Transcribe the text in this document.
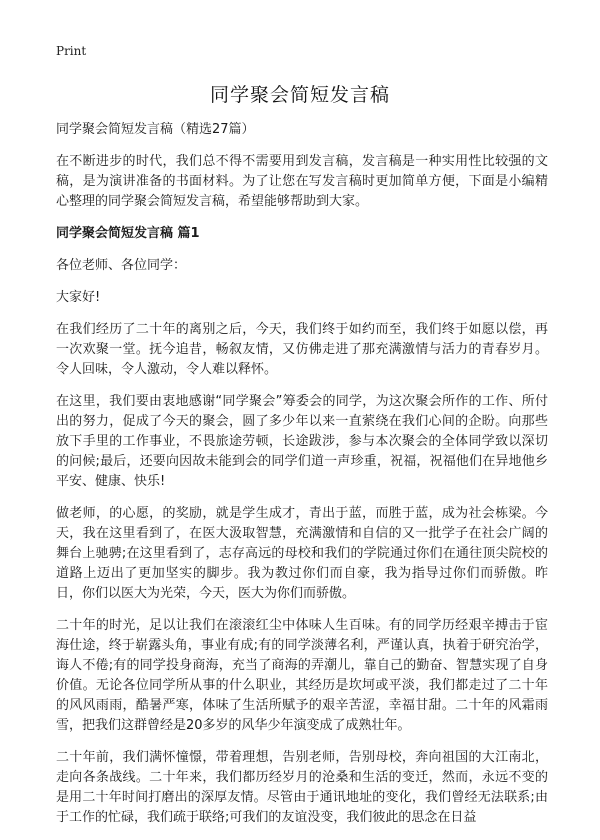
Print
同学聚会简短发言稿

同学聚会简短发言稿（精选27篇）

在不断进步的时代，我们总不得不需要用到发言稿，发言稿是一种实用性比较强的文稿，是为演讲准备的书面材料。为了让您在写发言稿时更加简单方便，下面是小编精心整理的同学聚会简短发言稿，希望能够帮助到大家。

同学聚会简短发言稿 篇1

各位老师、各位同学：

大家好!

在我们经历了二十年的离别之后，今天，我们终于如约而至，我们终于如愿以偿，再一次欢聚一堂。抚今追昔，畅叙友情，又仿佛走进了那充满激情与活力的青春岁月。令人回味，令人激动，令人难以释怀。

在这里，我们要由衷地感谢“同学聚会”筹委会的同学，为这次聚会所作的工作、所付出的努力，促成了今天的聚会，圆了多少年以来一直萦绕在我们心间的企盼。向那些放下手里的工作事业，不畏旅途劳顿，长途跋涉，参与本次聚会的全体同学致以深切的问候;最后，还要向因故未能到会的同学们道一声珍重，祝福，祝福他们在异地他乡平安、健康、快乐!

做老师，的心愿，的奖励，就是学生成才，青出于蓝，而胜于蓝，成为社会栋梁。今天，我在这里看到了，在医大汲取智慧，充满激情和自信的又一批学子在社会广阔的舞台上驰骋;在这里看到了，志存高远的母校和我们的学院通过你们在通往顶尖院校的道路上迈出了更加坚实的脚步。我为教过你们而自豪，我为指导过你们而骄傲。昨日，你们以医大为光荣，今天，医大为你们而骄傲。

二十年的时光，足以让我们在滚滚红尘中体味人生百味。有的同学历经艰辛搏击于宦海仕途，终于崭露头角，事业有成;有的同学淡薄名利，严谨认真，执着于研究治学，诲人不倦;有的同学投身商海，充当了商海的弄潮儿，靠自己的勤奋、智慧实现了自身价值。无论各位同学所从事的什么职业，其经历是坎坷或平淡，我们都走过了二十年的风风雨雨，酷暑严寒，体味了生活所赋予的艰辛苦涩，幸福甘甜。二十年的风霜雨雪，把我们这群曾经是20多岁的风华少年演变成了成熟壮年。

二十年前，我们满怀憧憬，带着理想，告别老师，告别母校，奔向祖国的大江南北，走向各条战线。二十年来，我们都历经岁月的沧桑和生活的变迁，然而，永远不变的是用二十年时间打磨出的深厚友情。尽管由于通讯地址的变化，我们曾经无法联系;由于工作的忙碌，我们疏于联络;可我们的友谊没变，我们彼此的思念在日益
